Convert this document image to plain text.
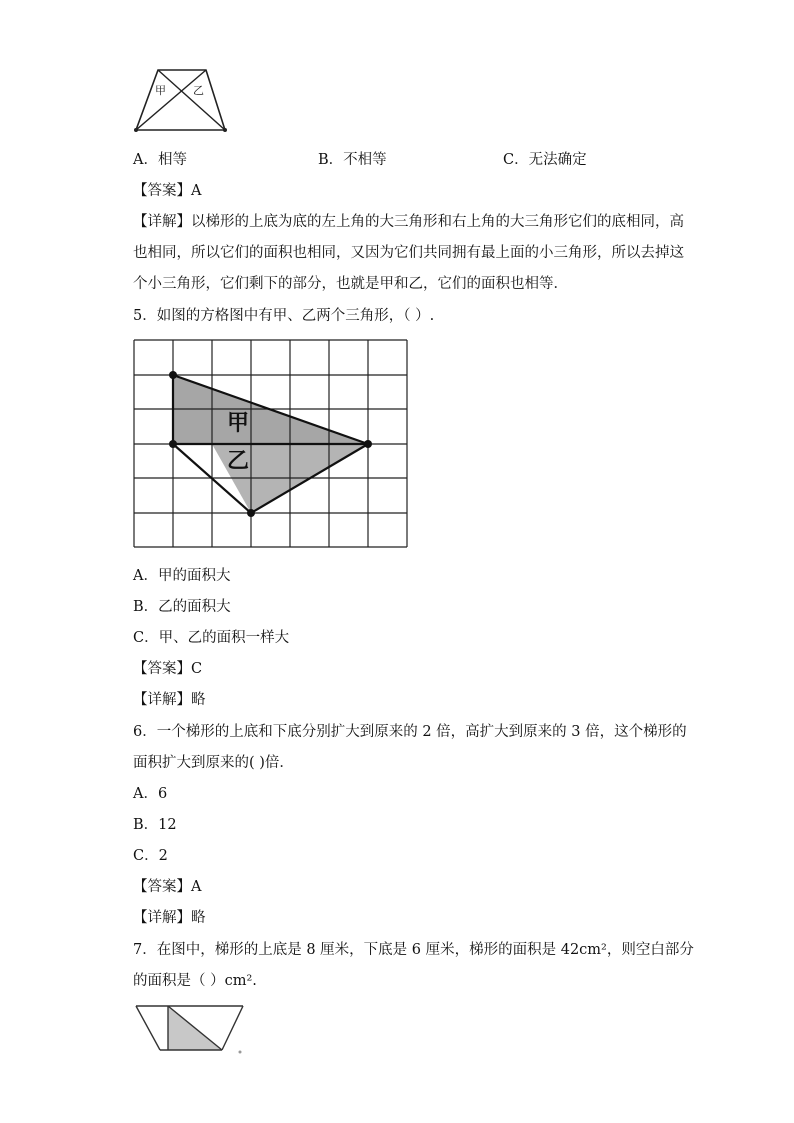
甲 乙
A．相等	B．不相等	C．无法确定
【答案】A
【详解】以梯形的上底为底的左上角的大三角形和右上角的大三角形它们的底相同，高
也相同，所以它们的面积也相同，又因为它们共同拥有最上面的小三角形，所以去掉这
个小三角形，它们剩下的部分，也就是甲和乙，它们的面积也相等．
5．如图的方格图中有甲、乙两个三角形，（ ）.
甲
乙
A．甲的面积大
B．乙的面积大
C．甲、乙的面积一样大
【答案】C
【详解】略
6．一个梯形的上底和下底分别扩大到原来的 2 倍，高扩大到原来的 3 倍，这个梯形的
面积扩大到原来的( )倍．
A．6
B．12
C．2
【答案】A
【详解】略
7．在图中，梯形的上底是 8 厘米，下底是 6 厘米，梯形的面积是 42cm²，则空白部分
的面积是（ ）cm².
